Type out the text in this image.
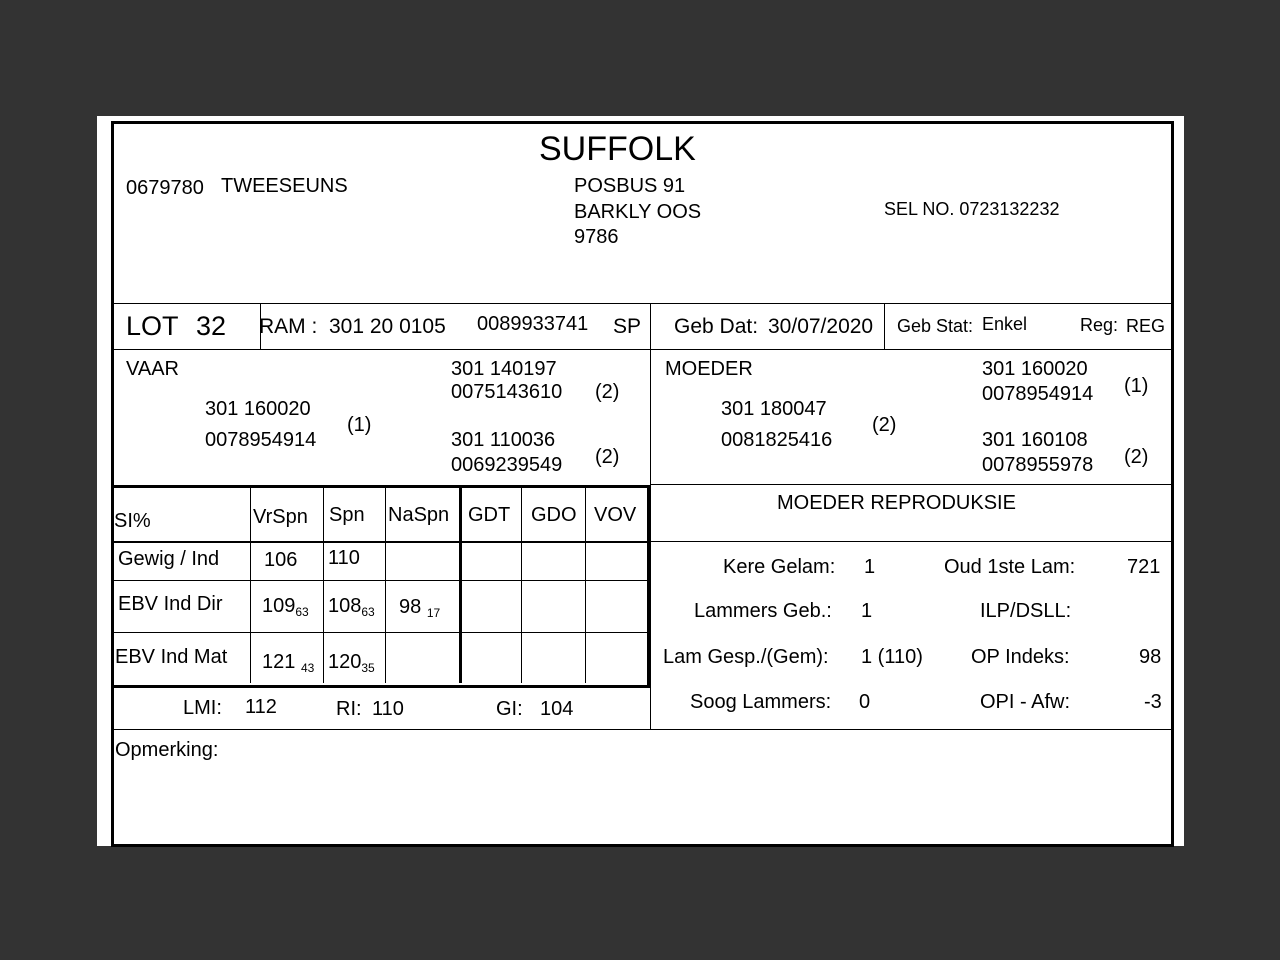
SUFFOLK
0679780 TWEESEUNS	POSBUS 91
BARKLY OOS
9786
SEL NO. 0723132232
LOT 32 RAM : 301 20 0105 0089933741 SP Geb Dat: 30/07/2020 Geb Stat: Enkel	Reg: REG
VAAR
301 160020
0078954914
(1)
301 140197
0075143610 (2)
301 110036
0069239549 (2)
MOEDER
301 180047
0081825416
(2)
301 160020
0078954914 (1)
301 160108
0078955978 (2)
SI%	VrSpn Spn NaSpn GDT GDO VOV
Gewig / Ind 106 110
EBV Ind Dir $109_{63}$ $108_{63}$ 98 $_{17}$
EBV Ind Mat 121 $_{43}$ $120_{35}$
LMI: 112	RI: 110	GI: 104
MOEDER REPRODUKSIE
Kere Gelam: 1	Oud 1ste Lam:	721
Lammers Geb.: 1	ILP/DSLL:
Lam Gesp./(Gem): 1 (110) OP Indeks:	98
Soog Lammers: 0	OPI - Afw:	-3
Opmerking:
